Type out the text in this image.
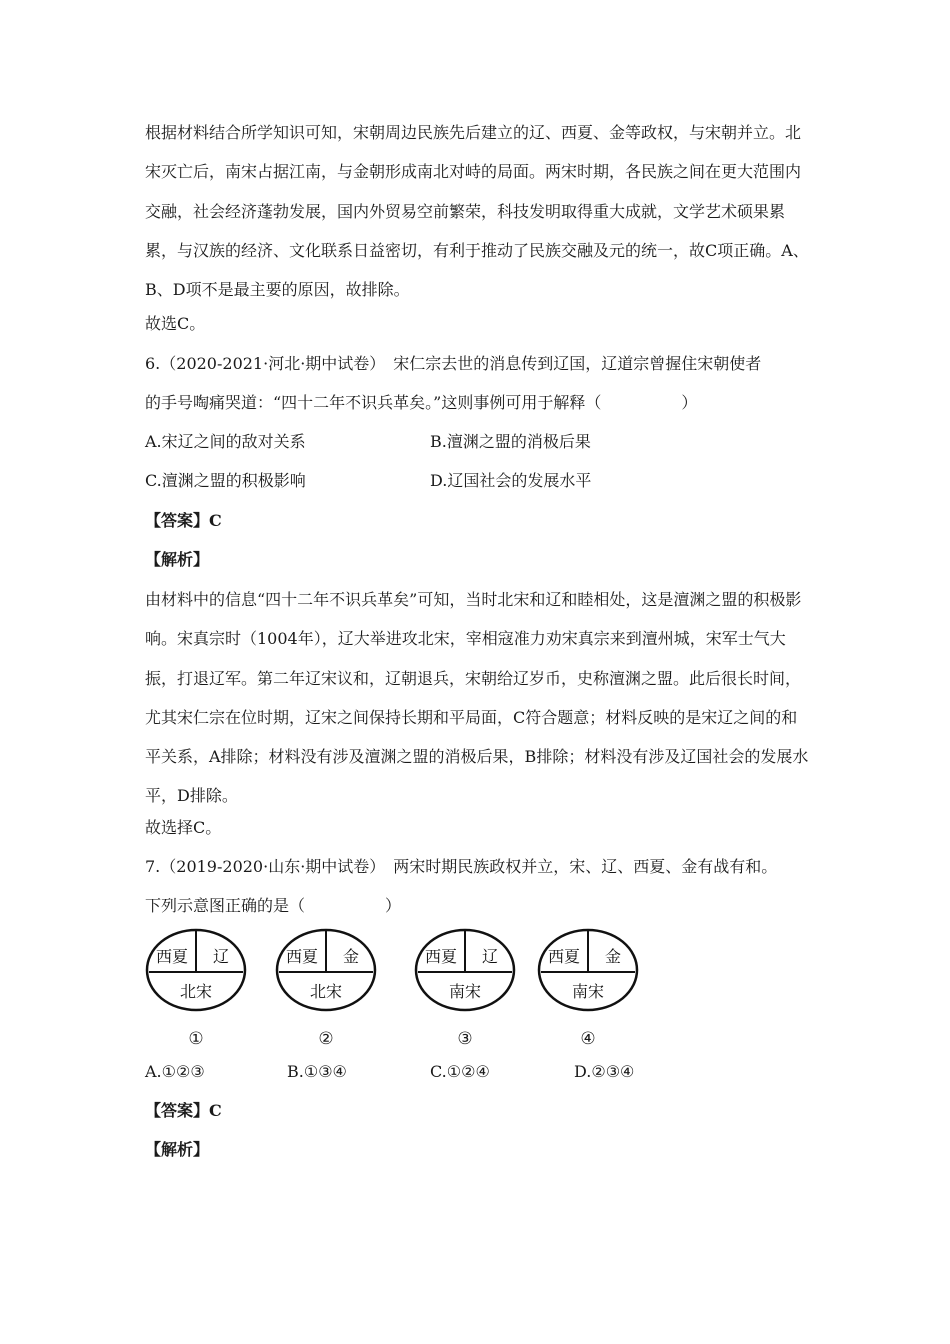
根据材料结合所学知识可知，宋朝周边民族先后建立的辽、西夏、金等政权，与宋朝并立。北宋灭亡后，南宋占据江南，与金朝形成南北对峙的局面。两宋时期，各民族之间在更大范围内交融，社会经济蓬勃发展，国内外贸易空前繁荣，科技发明取得重大成就，文学艺术硕果累累，与汉族的经济、文化联系日益密切，有利于推动了民族交融及元的统一，故C项正确。A、B、D项不是最主要的原因，故排除。

故选C。

6.（2020-2021·河北·期中试卷）　宋仁宗去世的消息传到辽国，辽道宗曾握住宋朝使者

的手号啕痛哭道：“四十二年不识兵革矣。”这则事例可用于解释（　　　　　）

A.宋辽之间的敌对关系	B.澶渊之盟的消极后果
C.澶渊之盟的积极影响	D.辽国社会的发展水平

【答案】C

【解析】

由材料中的信息“四十二年不识兵革矣”可知，当时北宋和辽和睦相处，这是澶渊之盟的积极影响。宋真宗时（1004年），辽大举进攻北宋，宰相寇准力劝宋真宗来到澶州城，宋军士气大振，打退辽军。第二年辽宋议和，辽朝退兵，宋朝给辽岁币，史称澶渊之盟。此后很长时间，尤其宋仁宗在位时期，辽宋之间保持长期和平局面，C符合题意；材料反映的是宋辽之间的和平关系，A排除；材料没有涉及澶渊之盟的消极后果，B排除；材料没有涉及辽国社会的发展水平，D排除。

故选择C。

7.（2019-2020·山东·期中试卷）　两宋时期民族政权并立，宋、辽、西夏、金有战有和。

下列示意图正确的是（　　　　　）

西夏 辽
北宋
①
西夏 金
北宋
②
西夏 辽
南宋
③
西夏 金
南宋
④
A.①②③	B.①③④	C.①②④	D.②③④

【答案】C

【解析】
